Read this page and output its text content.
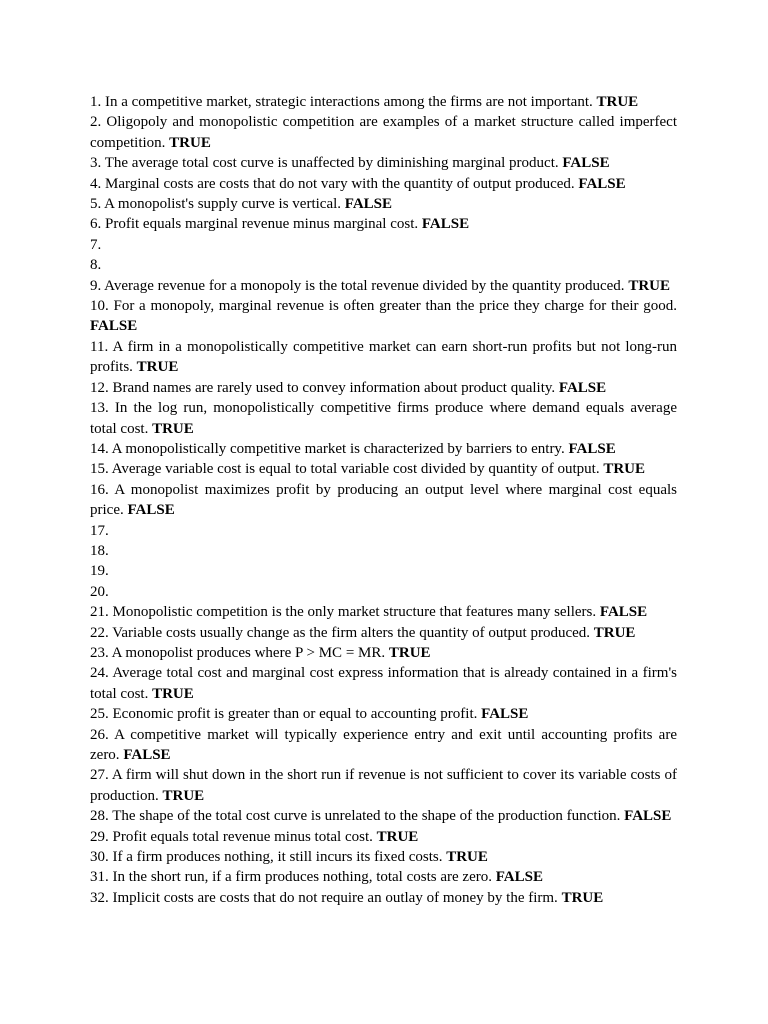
1. In a competitive market, strategic interactions among the firms are not important. TRUE

2. Oligopoly and monopolistic competition are examples of a market structure called imperfect competition. TRUE

3. The average total cost curve is unaffected by diminishing marginal product. FALSE

4. Marginal costs are costs that do not vary with the quantity of output produced. FALSE

5. A monopolist's supply curve is vertical. FALSE

6. Profit equals marginal revenue minus marginal cost. FALSE

7.

8.

9. Average revenue for a monopoly is the total revenue divided by the quantity produced. TRUE

10. For a monopoly, marginal revenue is often greater than the price they charge for their good. FALSE

11. A firm in a monopolistically competitive market can earn short-run profits but not long-run profits. TRUE

12. Brand names are rarely used to convey information about product quality. FALSE

13. In the log run, monopolistically competitive firms produce where demand equals average total cost. TRUE

14. A monopolistically competitive market is characterized by barriers to entry. FALSE

15. Average variable cost is equal to total variable cost divided by quantity of output. TRUE

16. A monopolist maximizes profit by producing an output level where marginal cost equals price. FALSE

17.

18.

19.

20.

21. Monopolistic competition is the only market structure that features many sellers. FALSE

22. Variable costs usually change as the firm alters the quantity of output produced. TRUE

23. A monopolist produces where P > MC = MR. TRUE

24. Average total cost and marginal cost express information that is already contained in a firm's total cost. TRUE

25. Economic profit is greater than or equal to accounting profit. FALSE

26. A competitive market will typically experience entry and exit until accounting profits are zero. FALSE

27. A firm will shut down in the short run if revenue is not sufficient to cover its variable costs of production. TRUE

28. The shape of the total cost curve is unrelated to the shape of the production function. FALSE

29. Profit equals total revenue minus total cost. TRUE

30. If a firm produces nothing, it still incurs its fixed costs. TRUE

31. In the short run, if a firm produces nothing, total costs are zero. FALSE

32. Implicit costs are costs that do not require an outlay of money by the firm. TRUE
